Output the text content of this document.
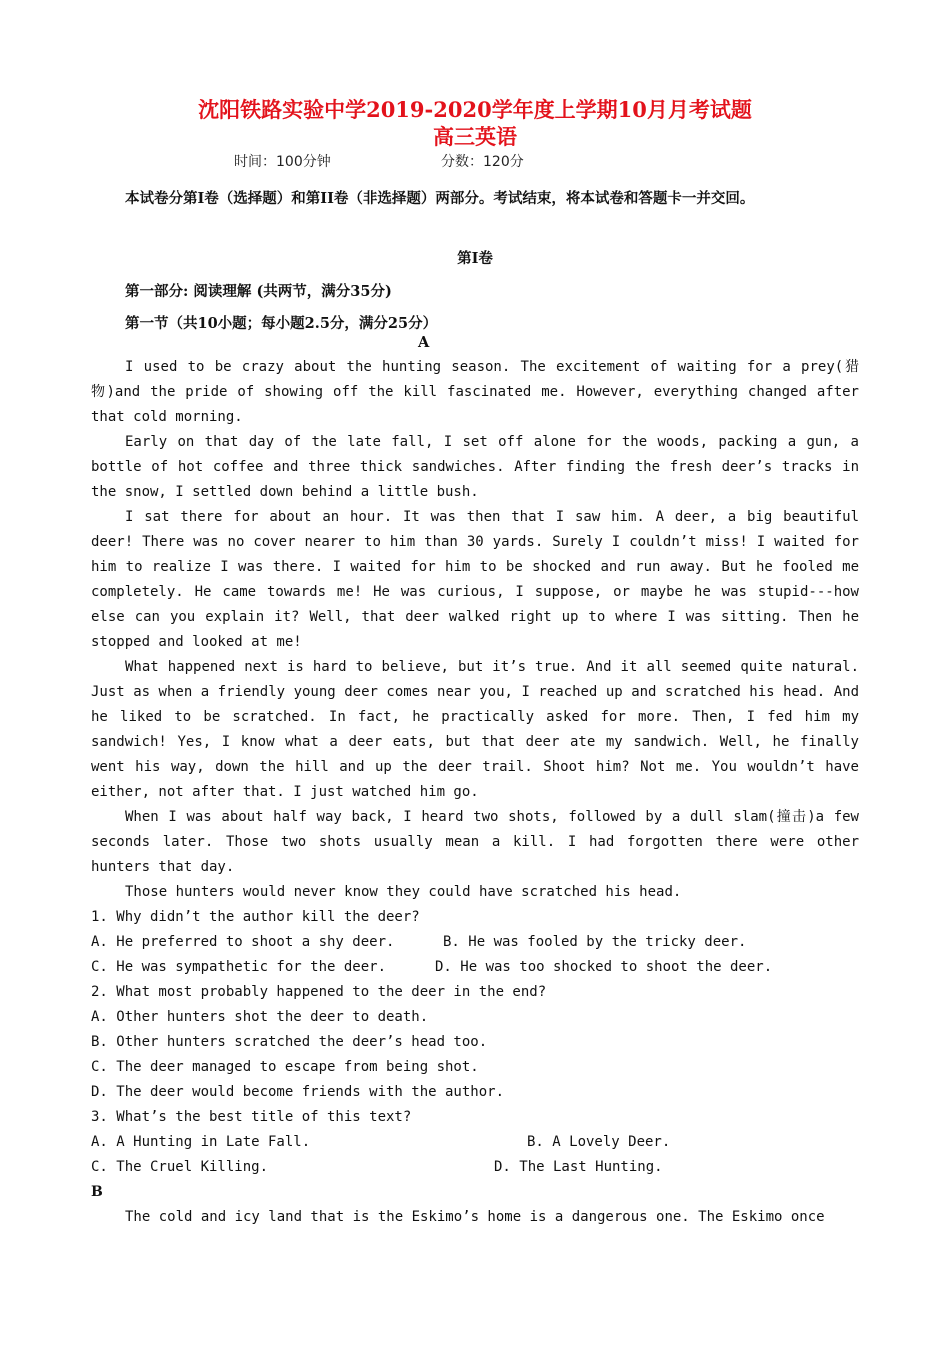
沈阳铁路实验中学2019-2020学年度上学期10月月考试题
高三英语
时间：100分钟	分数：120分
本试卷分第Ⅰ卷（选择题）和第II卷（非选择题）两部分。考试结束，将本试卷和答题卡一并交回。
第Ⅰ卷
第一部分: 阅读理解 (共两节，满分35分)
第一节（共10小题；每小题2.5分，满分25分）
A

I used to be crazy about the hunting season. The excitement of waiting for a prey(猎物)and the pride of showing off the kill fascinated me. However, everything changed after that cold morning.

Early on that day of the late fall, I set off alone for the woods, packing a gun, a bottle of hot coffee and three thick sandwiches. After finding the fresh deer’s tracks in the snow, I settled down behind a little bush.

I sat there for about an hour. It was then that I saw him. A deer, a big beautiful deer! There was no cover nearer to him than 30 yards. Surely I couldn’t miss! I waited for him to realize I was there. I waited for him to be shocked and run away. But he fooled me completely. He came towards me! He was curious, I suppose, or maybe he was stupid---how else can you explain it? Well, that deer walked right up to where I was sitting. Then he stopped and looked at me!

What happened next is hard to believe, but it’s true. And it all seemed quite natural. Just as when a friendly young deer comes near you, I reached up and scratched his head. And he liked to be scratched. In fact, he practically asked for more. Then, I fed him my sandwich! Yes, I know what a deer eats, but that deer ate my sandwich. Well, he finally went his way, down the hill and up the deer trail. Shoot him? Not me. You wouldn’t have either, not after that. I just watched him go.

When I was about half way back, I heard two shots, followed by a dull slam(撞击)a few seconds later. Those two shots usually mean a kill. I had forgotten there were other hunters that day.

Those hunters would never know they could have scratched his head.

1. Why didn’t the author kill the deer?

A. He preferred to shoot a shy deer.	B. He was fooled by the tricky deer.
C. He was sympathetic for the deer.	D. He was too shocked to shoot the deer.

2. What most probably happened to the deer in the end?

A. Other hunters shot the deer to death.

B. Other hunters scratched the deer’s head too.

C. The deer managed to escape from being shot.

D. The deer would become friends with the author.

3. What’s the best title of this text?

A. A Hunting in Late Fall.	B. A Lovely Deer.
C. The Cruel Killing.	D. The Last Hunting.

B

The cold and icy land that is the Eskimo’s home is a dangerous one. The Eskimo once
